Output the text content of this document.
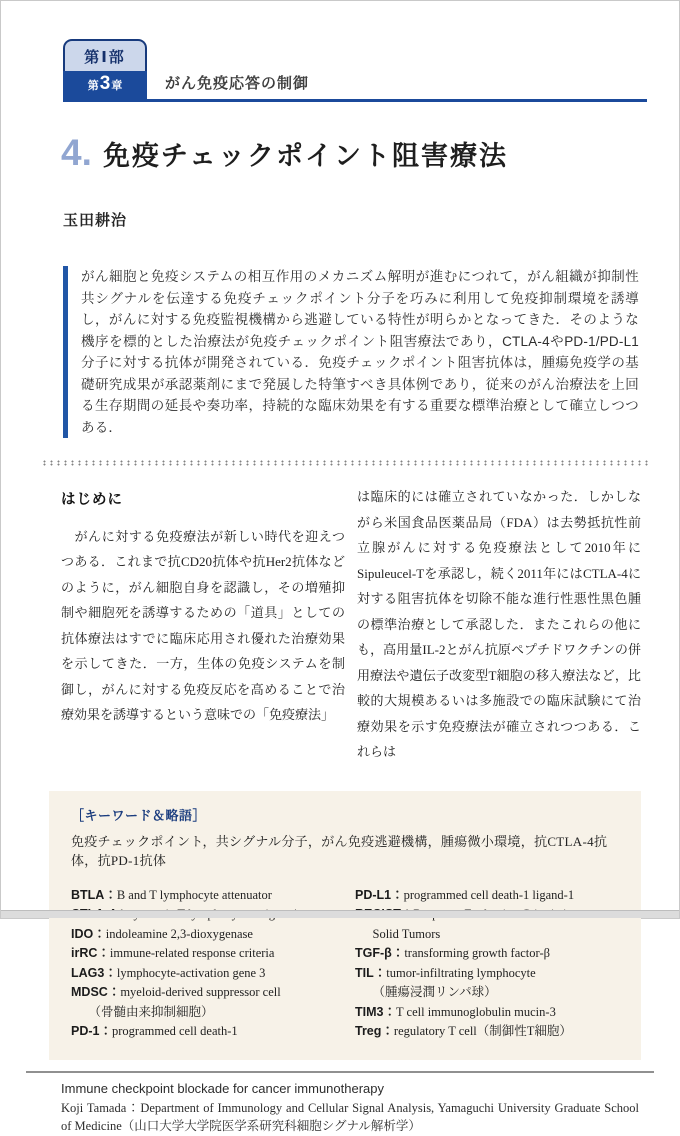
第Ⅰ部
第 3 章	がん免疫応答の制御
4. 免疫チェックポイント阻害療法
玉田耕治
がん細胞と免疫システムの相互作用のメカニズム解明が進むにつれて，がん組織が抑制性共シグナルを伝達する免疫チェックポイント分子を巧みに利用して免疫抑制環境を誘導し，がんに対する免疫監視機構から逃避している特性が明らかとなってきた．そのような機序を標的とした治療法が免疫チェックポイント阻害療法であり，CTLA-4やPD-1/PD-L1分子に対する抗体が開発されている．免疫チェックポイント阻害抗体は，腫瘍免疫学の基礎研究成果が承認薬剤にまで発展した特筆すべき具体例であり，従来のがん治療法を上回る生存期間の延長や奏功率，持続的な臨床効果を有する重要な標準治療として確立しつつある．
はじめに
　がんに対する免疫療法が新しい時代を迎えつつある．これまで抗CD20抗体や抗Her2抗体などのように，がん細胞自身を認識し，その増殖抑制や細胞死を誘導するための「道具」としての抗体療法はすでに臨床応用され優れた治療効果を示してきた．一方，生体の免疫システムを制御し，がんに対する免疫反応を高めることで治療効果を誘導するという意味での「免疫療法」
は臨床的には確立されていなかった．しかしながら米国食品医薬品局（FDA）は去勢抵抗性前立腺がんに対する免疫療法として2010年にSipuleucel-Tを承認し，続く2011年にはCTLA-4に対する阻害抗体を切除不能な進行性悪性黒色腫の標準治療として承認した．またこれらの他にも，高用量IL-2とがん抗原ペプチドワクチンの併用療法や遺伝子改変型T細胞の移入療法など，比較的大規模あるいは多施設での臨床試験にて治療効果を示す免疫療法が確立されつつある．これらは
［キーワード＆略語］
免疫チェックポイント，共シグナル分子，がん免疫逃避機構，腫瘍微小環境，抗CTLA-4抗体，抗PD-1抗体
BTLA：B and T lymphocyte attenuator
IDO：indoleamine 2,3-dioxygenase
irRC：immune-related response criteria
LAG3：lymphocyte-activation gene 3
MDSC：myeloid-derived suppressor cell
（骨髄由来抑制細胞）
PD-1：programmed cell death-1
PD-L1：programmed cell death-1 ligand-1
Solid Tumors
TGF-β：transforming growth factor-β
TIL：tumor-infiltrating lymphocyte
（腫瘍浸潤リンパ球）
TIM3：T cell immunoglobulin mucin-3
Treg：regulatory T cell（制御性T細胞）
Immune checkpoint blockade for cancer immunotherapy
Koji Tamada：Department of Immunology and Cellular Signal Analysis, Yamaguchi University Graduate School of Medicine（山口大学大学院医学系研究科細胞シグナル解析学）
